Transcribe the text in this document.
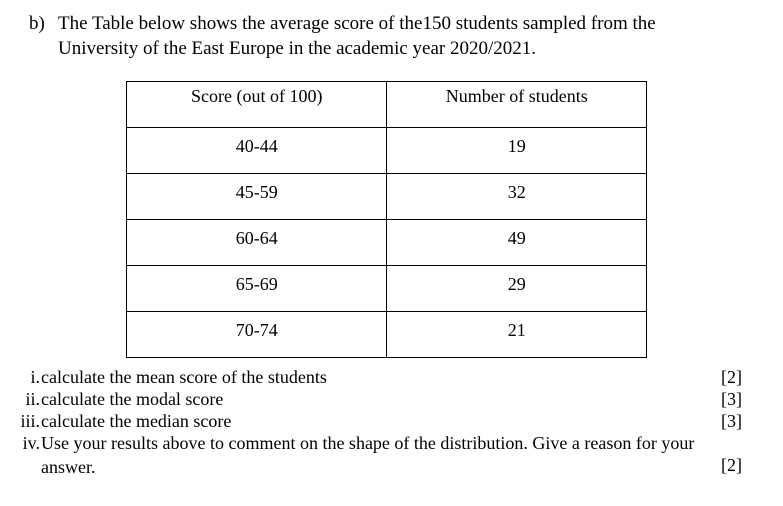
b) The Table below shows the average score of the150 students sampled from the
University of the East Europe in the academic year 2020/2021.
Score (out of 100)	Number of students
40-44	19
45-59	32
60-64	49
65-69	29
70-74	21
i. calculate the mean score of the students	[2]
ii. calculate the modal score	[3]
iii. calculate the median score	[3]
iv. Use your results above to comment on the shape of the distribution. Give a reason for your
answer.	[2]
